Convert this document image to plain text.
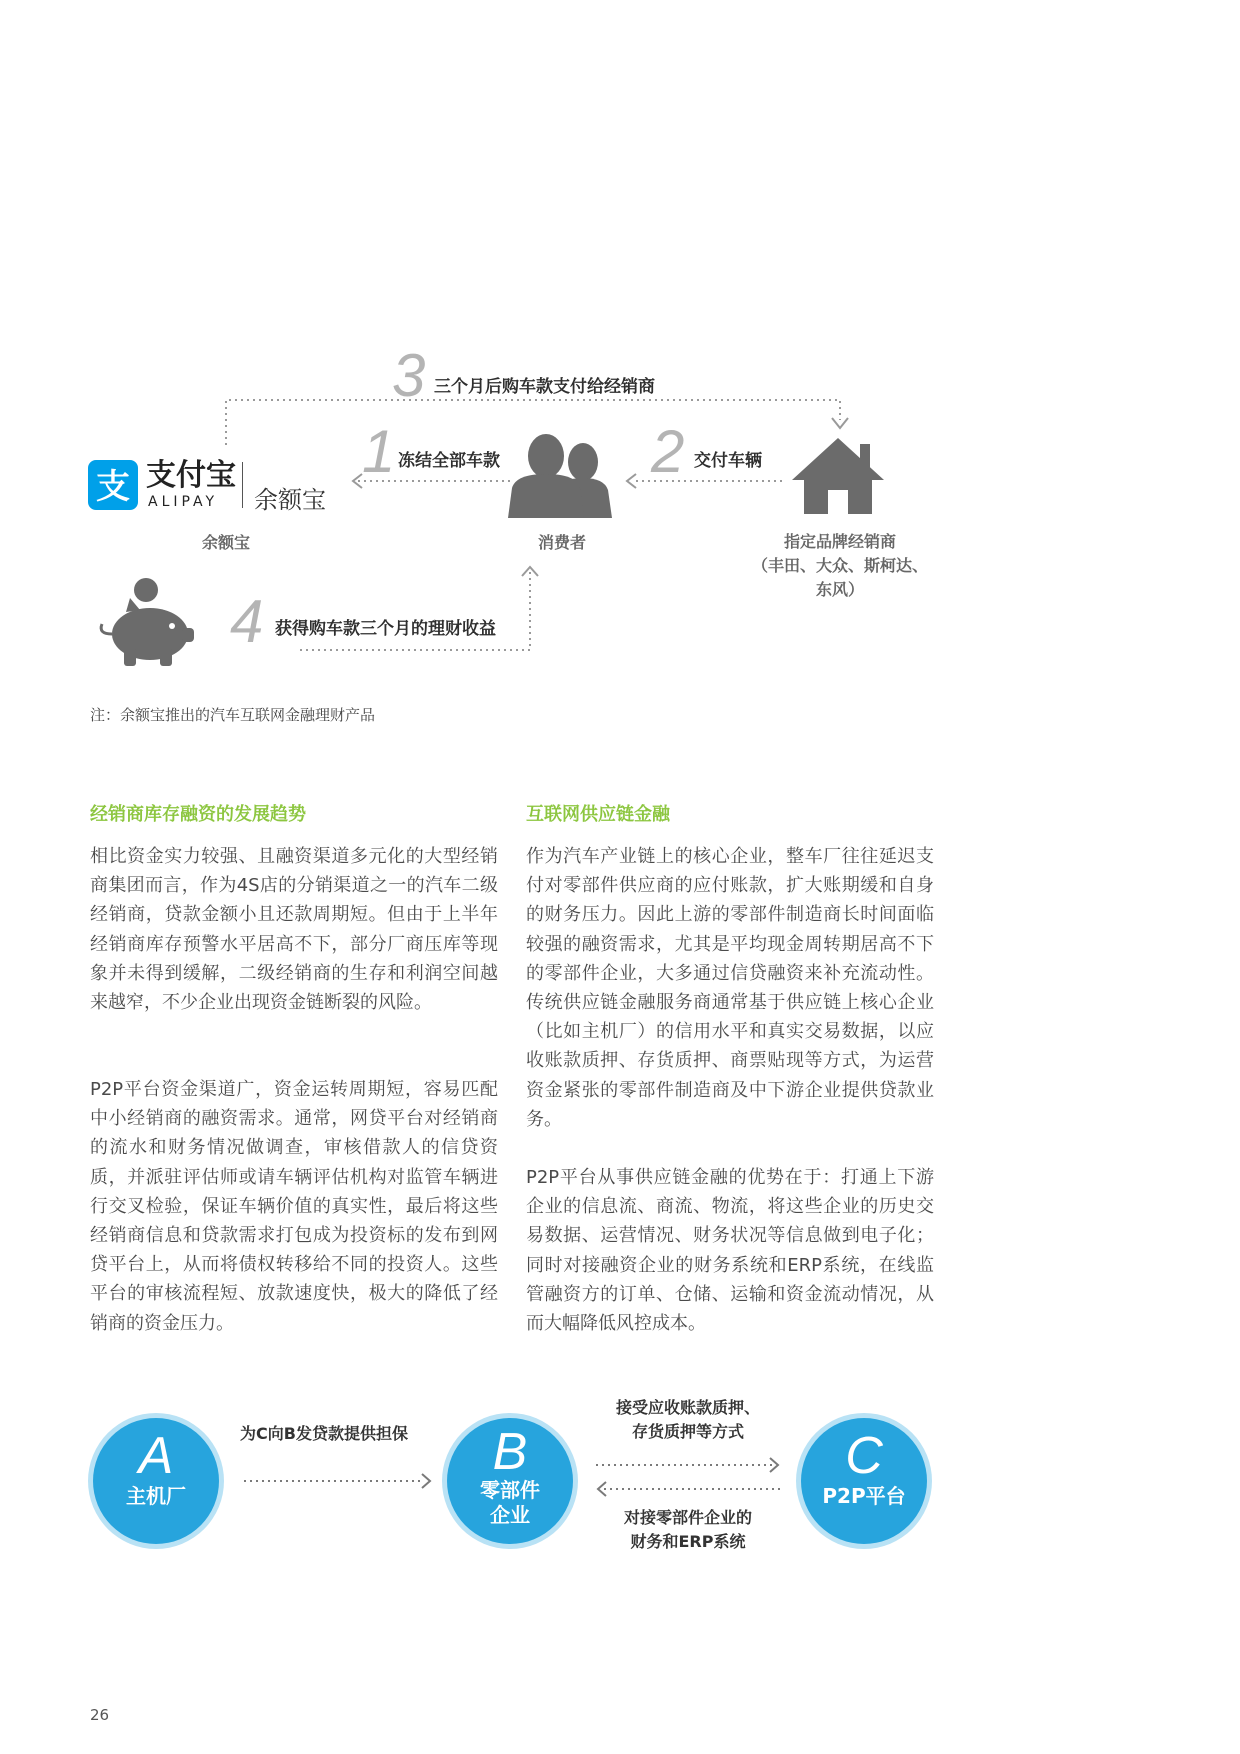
3 三个月后购车款支付给经销商
1 冻结全部车款	2 交付车辆
4 获得购车款三个月的理财收益
支 支付宝
ALIPAY 余额宝
余额宝	消费者	指定品牌经销商
（丰田、大众、斯柯达、
东风）
注：余额宝推出的汽车互联网金融理财产品
经销商库存融资的发展趋势

相比资金实力较强、且融资渠道多元化的大型经销商集团而言，作为4S店的分销渠道之一的汽车二级经销商，贷款金额小且还款周期短。但由于上半年经销商库存预警水平居高不下，部分厂商压库等现象并未得到缓解，二级经销商的生存和利润空间越来越窄，不少企业出现资金链断裂的风险。

P2P平台资金渠道广，资金运转周期短，容易匹配中小经销商的融资需求。通常，网贷平台对经销商的流水和财务情况做调查，审核借款人的信贷资质，并派驻评估师或请车辆评估机构对监管车辆进行交叉检验，保证车辆价值的真实性，最后将这些经销商信息和贷款需求打包成为投资标的发布到网贷平台上，从而将债权转移给不同的投资人。这些平台的审核流程短、放款速度快，极大的降低了经销商的资金压力。

互联网供应链金融

作为汽车产业链上的核心企业，整车厂往往延迟支付对零部件供应商的应付账款，扩大账期缓和自身的财务压力。因此上游的零部件制造商长时间面临较强的融资需求，尤其是平均现金周转期居高不下的零部件企业，大多通过信贷融资来补充流动性。传统供应链金融服务商通常基于供应链上核心企业（比如主机厂）的信用水平和真实交易数据，以应收账款质押、存货质押、商票贴现等方式，为运营资金紧张的零部件制造商及中下游企业提供贷款业务。

P2P平台从事供应链金融的优势在于：打通上下游企业的信息流、商流、物流，将这些企业的历史交易数据、运营情况、财务状况等信息做到电子化；同时对接融资企业的财务系统和ERP系统，在线监管融资方的订单、仓储、运输和资金流动情况，从而大幅降低风控成本。

A
主机厂
B
零部件
企业
C
P2P平台
为C向B发贷款提供担保
接受应收账款质押、
存货质押等方式
对接零部件企业的
财务和ERP系统
26
